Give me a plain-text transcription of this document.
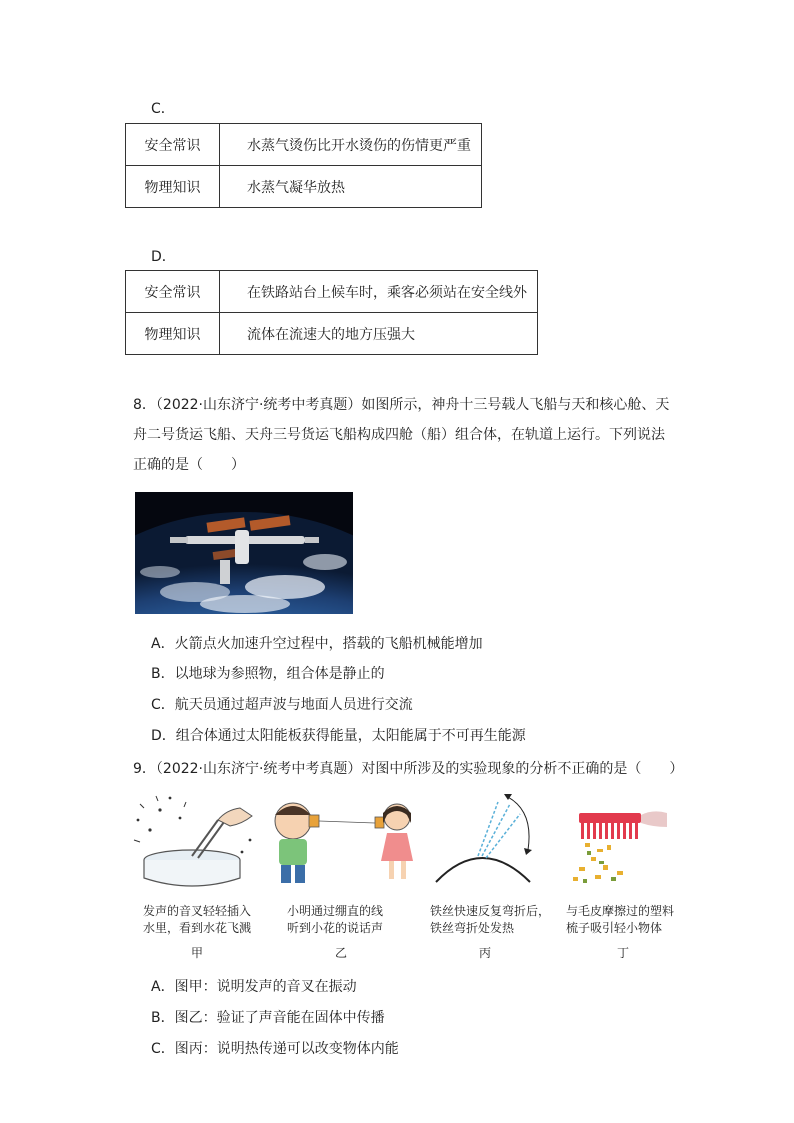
C．
安全常识	水蒸气烫伤比开水烫伤的伤情更严重
物理知识	水蒸气凝华放热
D．
安全常识	在铁路站台上候车时，乘客必须站在安全线外
物理知识	流体在流速大的地方压强大
8．（2022·山东济宁·统考中考真题）如图所示，神舟十三号载人飞船与天和核心舱、天
舟二号货运飞船、天舟三号货运飞船构成四舱（船）组合体，在轨道上运行。下列说法
正确的是（　　）
A．火箭点火加速升空过程中，搭载的飞船机械能增加
B．以地球为参照物，组合体是静止的
C．航天员通过超声波与地面人员进行交流
D．组合体通过太阳能板获得能量，太阳能属于不可再生能源
9．（2022·山东济宁·统考中考真题）对图中所涉及的实验现象的分析不正确的是（　　）
发声的音叉轻轻插入
水里，看到水花飞溅
小明通过绷直的线
听到小花的说话声
铁丝快速反复弯折后，
铁丝弯折处发热
与毛皮摩擦过的塑料
梳子吸引轻小物体
甲	乙	丙	丁
A．图甲：说明发声的音叉在振动
B．图乙：验证了声音能在固体中传播
C．图丙：说明热传递可以改变物体内能
